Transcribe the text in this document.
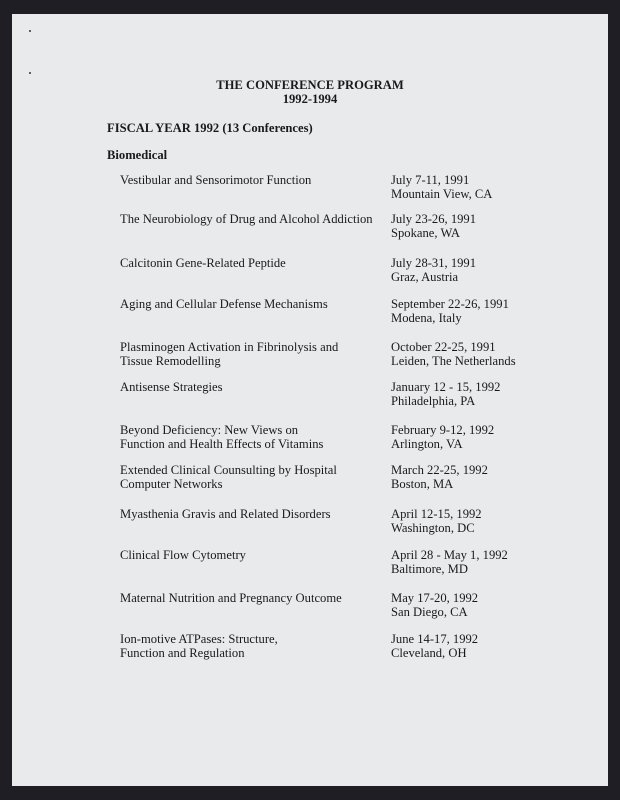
THE CONFERENCE PROGRAM
1992-1994
FISCAL YEAR 1992 (13 Conferences)
Biomedical
Vestibular and Sensorimotor Function	July 7-11, 1991
Mountain View, CA
The Neurobiology of Drug and Alcohol Addiction July 23-26, 1991
Spokane, WA
Calcitonin Gene-Related Peptide	July 28-31, 1991
Graz, Austria
Aging and Cellular Defense Mechanisms	September 22-26, 1991
Modena, Italy
Plasminogen Activation in Fibrinolysis and
Tissue Remodelling
October 22-25, 1991
Leiden, The Netherlands
Antisense Strategies	January 12 - 15, 1992
Philadelphia, PA
Beyond Deficiency: New Views on
Function and Health Effects of Vitamins
February 9-12, 1992
Arlington, VA
Extended Clinical Counsulting by Hospital
Computer Networks
March 22-25, 1992
Boston, MA
Myasthenia Gravis and Related Disorders	April 12-15, 1992
Washington, DC
Clinical Flow Cytometry	April 28 - May 1, 1992
Baltimore, MD
Maternal Nutrition and Pregnancy Outcome	May 17-20, 1992
San Diego, CA
Ion-motive ATPases: Structure,
Function and Regulation
June 14-17, 1992
Cleveland, OH
